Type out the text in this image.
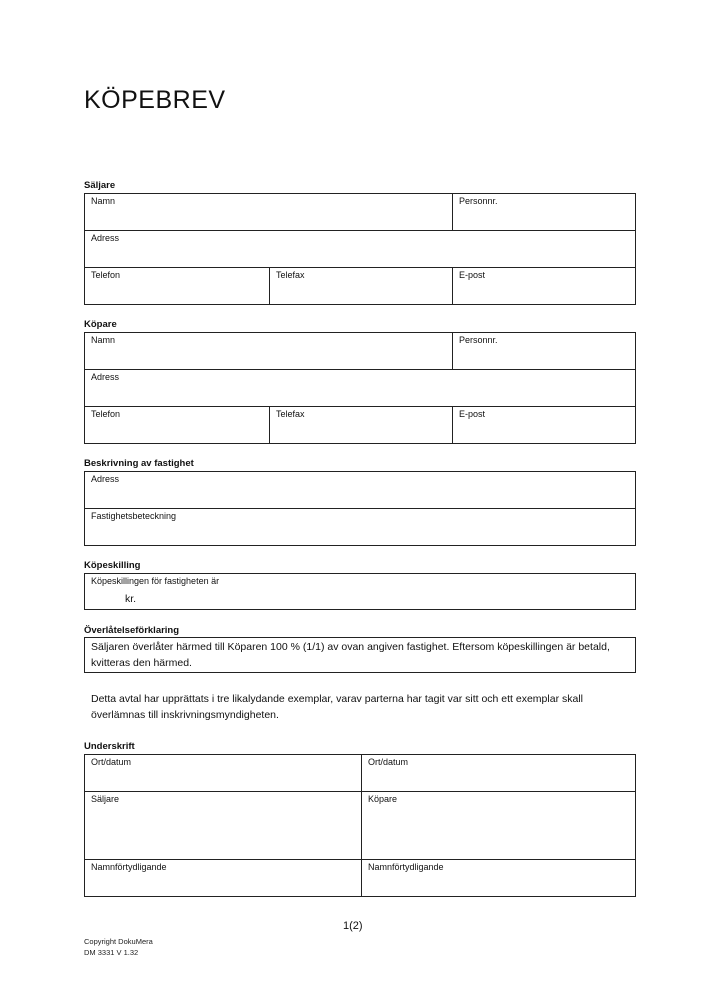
KÖPEBREV
Säljare
Namn	Personnr.
Adress
Telefon	Telefax	E-post
Köpare
Namn	Personnr.
Adress
Telefon	Telefax	E-post
Beskrivning av fastighet
Adress
Fastighetsbeteckning
Köpeskilling
Köpeskillingen för fastigheten är
kr.
Överlåtelseförklaring
Säljaren överlåter härmed till Köparen 100 % (1/1) av ovan angiven fastighet. Eftersom köpeskillingen är betald, kvitteras den härmed.
Detta avtal har upprättats i tre likalydande exemplar, varav parterna har tagit var sitt och ett exemplar skall överlämnas till inskrivningsmyndigheten.
Underskrift
Ort/datum	Ort/datum
Säljare	Köpare
Namnförtydligande	Namnförtydligande
1(2)
Copyright DokuMera
DM 3331 V 1.32
